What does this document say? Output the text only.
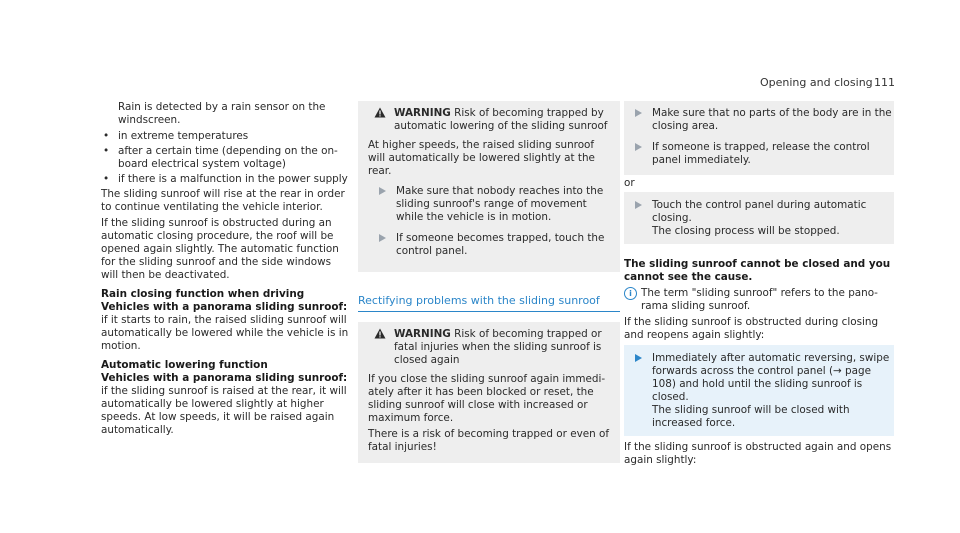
Opening and closing 111

Rain is detected by a rain sensor on the windscreen.

• in extreme temperatures
• after a certain time (depending on the on-board electrical system voltage)
• if there is a malfunction in the power supply

The sliding sunroof will rise at the rear in order to continue ventilating the vehicle interior.

If the sliding sunroof is obstructed during an automatic closing procedure, the roof will be opened again slightly. The automatic function for the sliding sunroof and the side windows will then be deactivated.

Rain closing function when driving

Vehicles with a panorama sliding sunroof: if it starts to rain, the raised sliding sunroof will automatically be lowered while the vehicle is in motion.

Automatic lowering function

Vehicles with a panorama sliding sunroof: if the sliding sunroof is raised at the rear, it will automatically be lowered slightly at higher speeds. At low speeds, it will be raised again automatically.

WARNING Risk of becoming trapped by automatic lowering of the sliding sunroof

At higher speeds, the raised sliding sunroof will automatically be lowered slightly at the rear.

Make sure that nobody reaches into the sliding sunroof's range of movement while the vehicle is in motion.
If someone becomes trapped, touch the control panel.
Rectifying problems with the sliding sunroof
WARNING Risk of becoming trapped or fatal injuries when the sliding sunroof is closed again

If you close the sliding sunroof again immediately after it has been blocked or reset, the sliding sunroof will close with increased or maximum force.

There is a risk of becoming trapped or even of fatal injuries!

Make sure that no parts of the body are in the closing area.
If someone is trapped, release the control panel immediately.

or

Touch the control panel during automatic closing.
The closing process will be stopped.
The sliding sunroof cannot be closed and you cannot see the cause.
i The term "sliding sunroof" refers to the panorama sliding sunroof.

If the sliding sunroof is obstructed during closing and reopens again slightly:

Immediately after automatic reversing, swipe forwards across the control panel (→ page 108) and hold until the sliding sunroof is closed.
The sliding sunroof will be closed with increased force.

If the sliding sunroof is obstructed again and opens again slightly:
